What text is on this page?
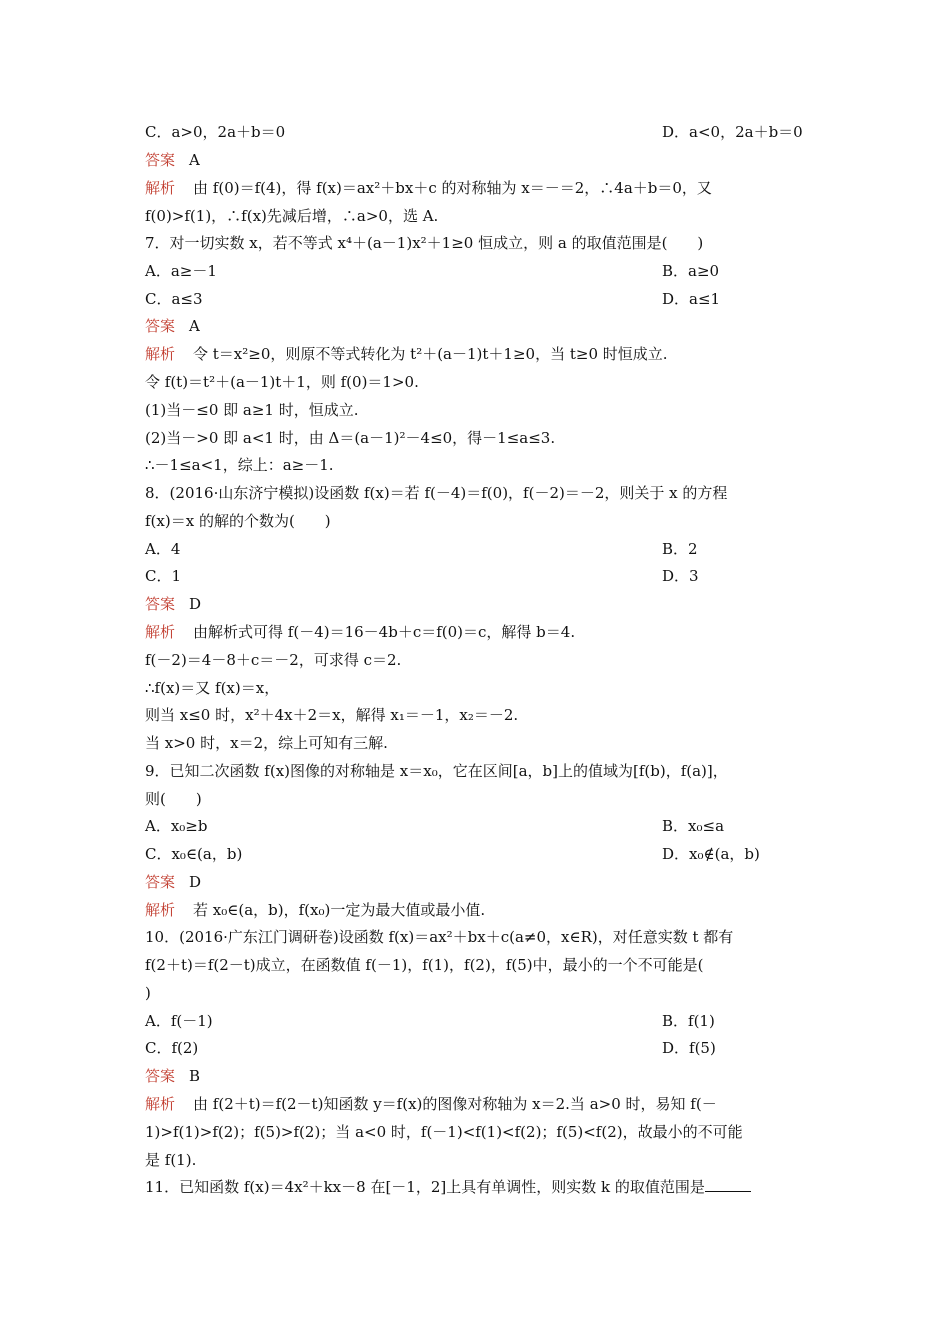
C．a>0，2a＋b＝0	D．a<0，2a＋b＝0
答案 A
解析 由 f(0)＝f(4)，得 f(x)＝ax²＋bx＋c 的对称轴为 x＝－＝2，∴4a＋b＝0，又
f(0)>f(1)，∴f(x)先减后增，∴a>0，选 A.
7．对一切实数 x，若不等式 x⁴＋(a－1)x²＋1≥0 恒成立，则 a 的取值范围是(　　)
A．a≥－1	B．a≥0
C．a≤3	D．a≤1
答案 A
解析 令 t＝x²≥0，则原不等式转化为 t²＋(a－1)t＋1≥0，当 t≥0 时恒成立.
令 f(t)＝t²＋(a－1)t＋1，则 f(0)＝1>0.
(1)当－≤0 即 a≥1 时，恒成立.
(2)当－>0 即 a<1 时，由 Δ＝(a－1)²－4≤0，得－1≤a≤3.
∴－1≤a<1，综上：a≥－1.
8．(2016·山东济宁模拟)设函数 f(x)＝若 f(－4)＝f(0)，f(－2)＝－2，则关于 x 的方程
f(x)＝x 的解的个数为(　　)
A．4	B．2
C．1	D．3
答案 D
解析 由解析式可得 f(－4)＝16－4b＋c＝f(0)＝c，解得 b＝4.
f(－2)＝4－8＋c＝－2，可求得 c＝2.
∴f(x)＝又 f(x)＝x，
则当 x≤0 时，x²＋4x＋2＝x，解得 x₁＝－1，x₂＝－2.
当 x>0 时，x＝2，综上可知有三解.
9．已知二次函数 f(x)图像的对称轴是 x＝x₀，它在区间[a，b]上的值域为[f(b)，f(a)]，
则(　　)
A．x₀≥b	B．x₀≤a
C．x₀∈(a，b)	D．x₀∉(a，b)
答案 D
解析 若 x₀∈(a，b)，f(x₀)一定为最大值或最小值.
10．(2016·广东江门调研卷)设函数 f(x)＝ax²＋bx＋c(a≠0，x∈R)，对任意实数 t 都有
f(2＋t)＝f(2－t)成立，在函数值 f(－1)，f(1)，f(2)，f(5)中，最小的一个不可能是(
)
A．f(－1)	B．f(1)
C．f(2)	D．f(5)
答案 B
解析 由 f(2＋t)＝f(2－t)知函数 y＝f(x)的图像对称轴为 x＝2.当 a>0 时，易知 f(－
1)>f(1)>f(2)；f(5)>f(2)；当 a<0 时，f(－1)<f(1)<f(2)；f(5)<f(2)，故最小的不可能
是 f(1).
11．已知函数 f(x)＝4x²＋kx－8 在[－1，2]上具有单调性，则实数 k 的取值范围是
